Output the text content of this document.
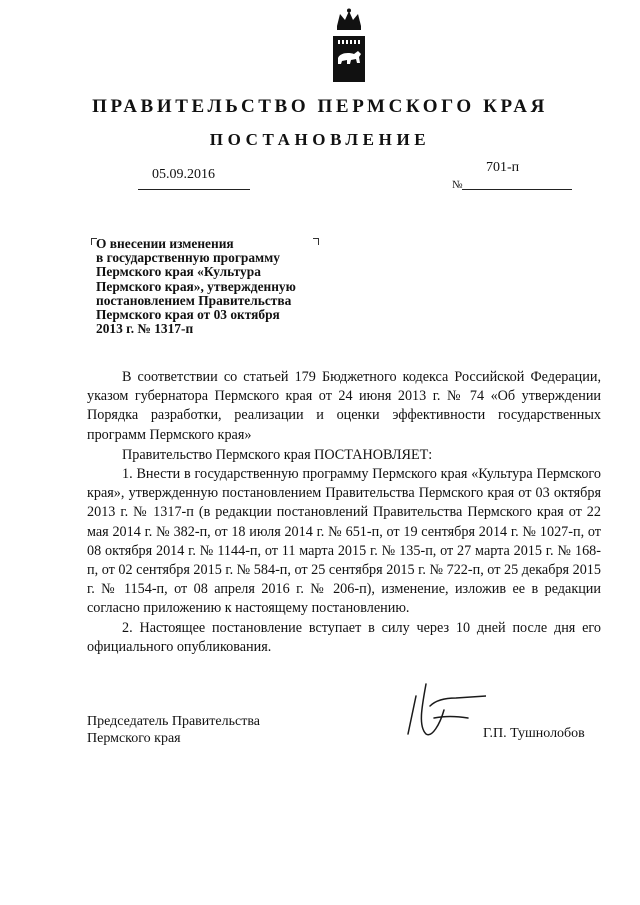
ПРАВИТЕЛЬСТВО ПЕРМСКОГО КРАЯ
ПОСТАНОВЛЕНИЕ
05.09.2016
№
701-п
О внесении изменения
в государственную программу
Пермского края «Культура
Пермского края», утвержденную
постановлением Правительства
Пермского края от 03 октября
2013 г. № 1317-п

В соответствии со статьей 179 Бюджетного кодекса Российской Федерации, указом губернатора Пермского края от 24 июня 2013 г. № 74 «Об утверждении Порядка разработки, реализации и оценки эффективности государственных программ Пермского края»

Правительство Пермского края ПОСТАНОВЛЯЕТ:

1. Внести в государственную программу Пермского края «Культура Пермского края», утвержденную постановлением Правительства Пермского края от 03 октября 2013 г. № 1317-п (в редакции постановлений Правительства Пермского края от 22 мая 2014 г. № 382-п, от 18 июля 2014 г. № 651-п, от 19 сентября 2014 г. № 1027-п, от 08 октября 2014 г. № 1144-п, от 11 марта 2015 г. № 135-п, от 27 марта 2015 г. № 168-п, от 02 сентября 2015 г. № 584-п, от 25 сентября 2015 г. № 722-п, от 25 декабря 2015 г. № 1154-п, от 08 апреля 2016 г. № 206-п), изменение, изложив ее в редакции согласно приложению к настоящему постановлению.

2. Настоящее постановление вступает в силу через 10 дней после дня его официального опубликования.

Председатель Правительства
Пермского края	Г.П. Тушнолобов
